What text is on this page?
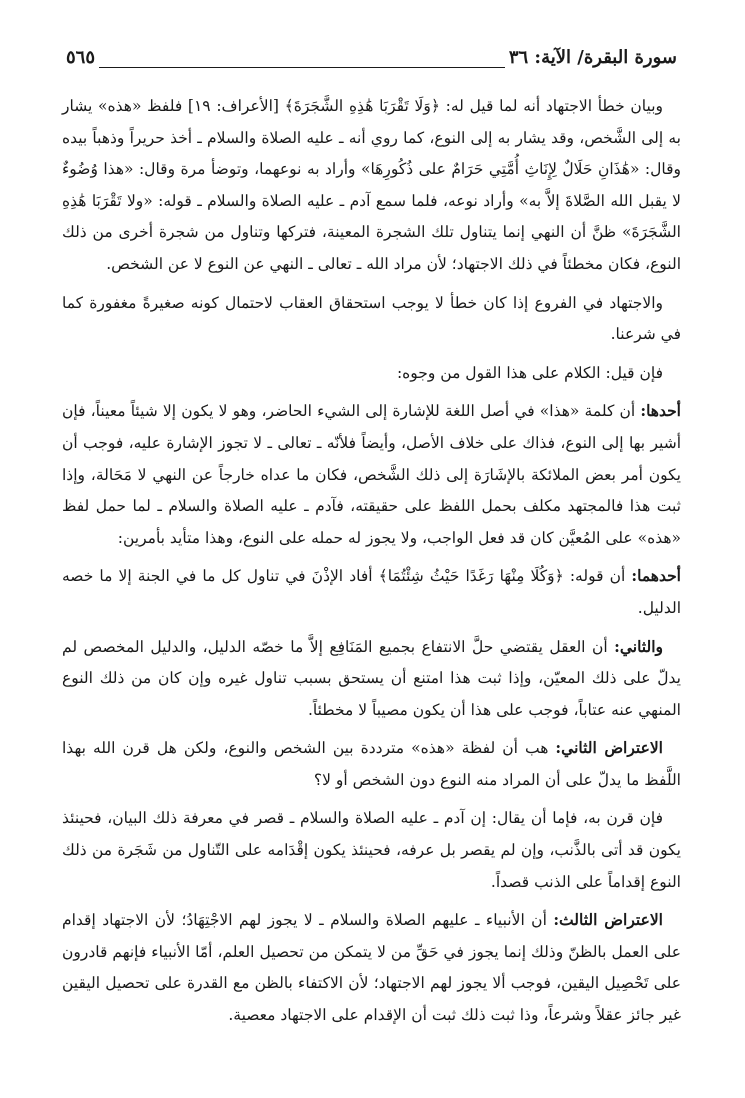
سورة البقرة/ الآية: ٣٦
٥٦٥

وبيان خطأ الاجتهاد أنه لما قيل له: ﴿وَلَا تَقْرَبَا هَٰذِهِ الشَّجَرَةَ﴾ [الأعراف: ١٩] فلفظ «هذه» يشار به إلى الشَّخص، وقد يشار به إلى النوع، كما روي أنه ـ عليه الصلاة والسلام ـ أخذ حريراً وذهباً بيده وقال: «هَٰذَانِ حَلَالٌ لِإِنَاثِ أُمَّتِي حَرَامٌ على ذُكُورِهَا» وأراد به نوعهما، وتوضأ مرة وقال: «هذا وُضُوءٌ لا يقبل الله الصَّلاةَ إلاَّ به» وأراد نوعه، فلما سمع آدم ـ عليه الصلاة والسلام ـ قوله: «ولا تَقْرَبَا هَٰذِهِ الشَّجَرَةَ» ظنَّ أن النهي إنما يتناول تلك الشجرة المعينة، فتركها وتناول من شجرة أخرى من ذلك النوع، فكان مخطئاً في ذلك الاجتهاد؛ لأن مراد الله ـ تعالى ـ النهي عن النوع لا عن الشخص.

والاجتهاد في الفروع إذا كان خطأ لا يوجب استحقاق العقاب لاحتمال كونه صغيرةً مغفورة كما في شرعنا.

فإن قيل: الكلام على هذا القول من وجوه:

أحدها: أن كلمة «هذا» في أصل اللغة للإشارة إلى الشيء الحاضر، وهو لا يكون إلا شيئاً معيناً، فإن أشير بها إلى النوع، فذاك على خلاف الأصل، وأيضاً فلأنّه ـ تعالى ـ لا تجوز الإشارة عليه، فوجب أن يكون أمر بعض الملائكة بالإشَارَة إلى ذلك الشَّخص، فكان ما عداه خارجاً عن النهي لا مَحَالة، وإذا ثبت هذا فالمجتهد مكلف بحمل اللفظ على حقيقته، فآدم ـ عليه الصلاة والسلام ـ لما حمل لفظ «هذه» على المُعيَّن كان قد فعل الواجب، ولا يجوز له حمله على النوع، وهذا متأيد بأمرين:

أحدهما: أن قوله: ﴿وَكُلَا مِنْهَا رَغَدًا حَيْثُ شِئْتُمَا﴾ أفاد الإذْنَ في تناول كل ما في الجنة إلا ما خصه الدليل.

والثاني: أن العقل يقتضي حلَّ الانتفاع بجميع المَنَافِع إلاَّ ما خصّه الدليل، والدليل المخصص لم يدلّ على ذلك المعيّن، وإذا ثبت هذا امتنع أن يستحق بسبب تناول غيره وإن كان من ذلك النوع المنهي عنه عتاباً، فوجب على هذا أن يكون مصيباً لا مخطئاً.

الاعتراض الثاني: هب أن لفظة «هذه» مترددة بين الشخص والنوع، ولكن هل قرن الله بهذا اللَّفظ ما يدلّ على أن المراد منه النوع دون الشخص أو لا؟

فإن قرن به، فإما أن يقال: إن آدم ـ عليه الصلاة والسلام ـ قصر في معرفة ذلك البيان، فحينئذ يكون قد أتى بالذَّنب، وإن لم يقصر بل عرفه، فحينئذ يكون إقْدَامه على التّناول من شَجَرة من ذلك النوع إقداماً على الذنب قصداً.

الاعتراض الثالث: أن الأنبياء ـ عليهم الصلاة والسلام ـ لا يجوز لهم الاجْتِهَادُ؛ لأن الاجتهاد إقدام على العمل بالظنّ وذلك إنما يجوز في حَقِّ من لا يتمكن من تحصيل العلم، أمّا الأنبياء فإنهم قادرون على تَحْصِيل اليقين، فوجب ألا يجوز لهم الاجتهاد؛ لأن الاكتفاء بالظن مع القدرة على تحصيل اليقين غير جائز عقلاً وشرعاً، وذا ثبت ذلك ثبت أن الإقدام على الاجتهاد معصية.
